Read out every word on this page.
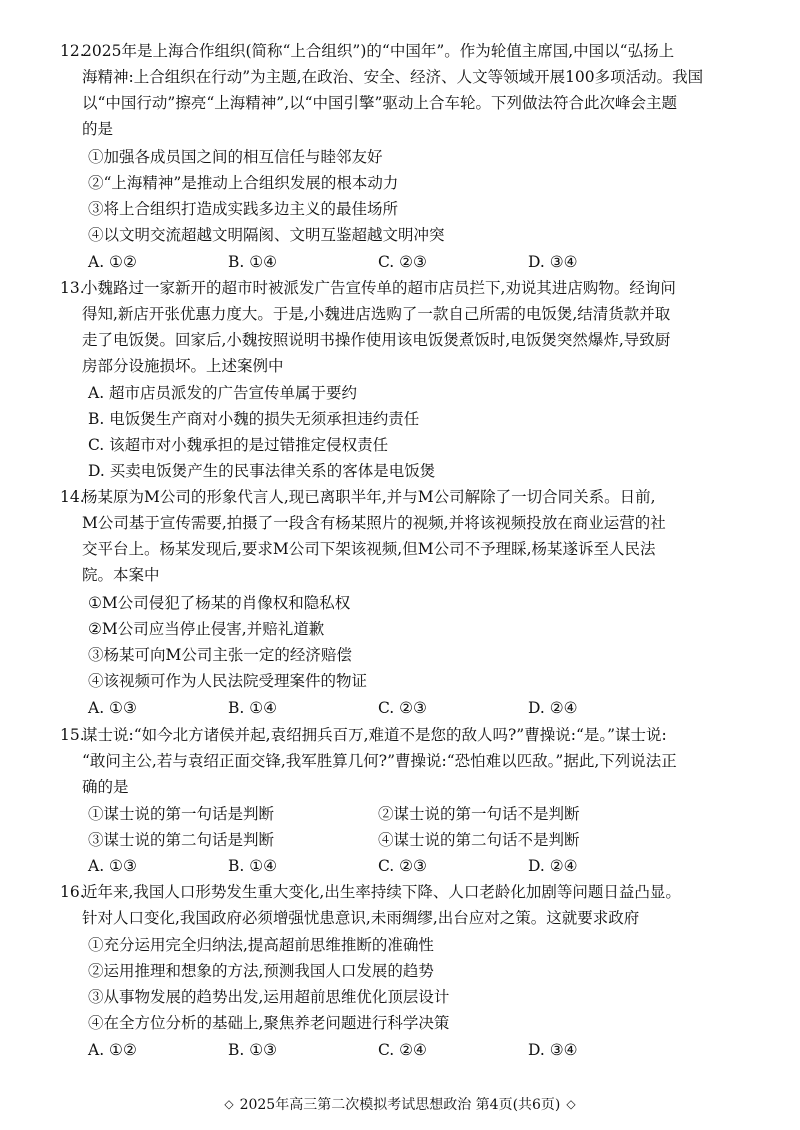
12.
2025年是上海合作组织(简称“上合组织”)的“中国年”。作为轮值主席国,中国以“弘扬上
海精神:上合组织在行动”为主题,在政治、安全、经济、人文等领域开展100多项活动。我国
以“中国行动”擦亮“上海精神”,以“中国引擎”驱动上合车轮。下列做法符合此次峰会主题
的是
①加强各成员国之间的相互信任与睦邻友好
②“上海精神”是推动上合组织发展的根本动力
③将上合组织打造成实践多边主义的最佳场所
④以文明交流超越文明隔阂、文明互鉴超越文明冲突
A. ①②	B. ①④	C. ②③	D. ③④
13.
小魏路过一家新开的超市时被派发广告宣传单的超市店员拦下,劝说其进店购物。经询问
得知,新店开张优惠力度大。于是,小魏进店选购了一款自己所需的电饭煲,结清货款并取
走了电饭煲。回家后,小魏按照说明书操作使用该电饭煲煮饭时,电饭煲突然爆炸,导致厨
房部分设施损坏。上述案例中
A. 超市店员派发的广告宣传单属于要约
B. 电饭煲生产商对小魏的损失无须承担违约责任
C. 该超市对小魏承担的是过错推定侵权责任
D. 买卖电饭煲产生的民事法律关系的客体是电饭煲
14.
杨某原为M公司的形象代言人,现已离职半年,并与M公司解除了一切合同关系。日前,
M公司基于宣传需要,拍摄了一段含有杨某照片的视频,并将该视频投放在商业运营的社
交平台上。杨某发现后,要求M公司下架该视频,但M公司不予理睬,杨某遂诉至人民法
院。本案中
①M公司侵犯了杨某的肖像权和隐私权
②M公司应当停止侵害,并赔礼道歉
③杨某可向M公司主张一定的经济赔偿
④该视频可作为人民法院受理案件的物证
A. ①③	B. ①④	C. ②③	D. ②④
15.
谋士说:“如今北方诸侯并起,袁绍拥兵百万,难道不是您的敌人吗?”曹操说:“是。”谋士说:
“敢问主公,若与袁绍正面交锋,我军胜算几何?”曹操说:“恐怕难以匹敌。”据此,下列说法正
确的是
①谋士说的第一句话是判断	②谋士说的第一句话不是判断
③谋士说的第二句话是判断	④谋士说的第二句话不是判断
A. ①③	B. ①④	C. ②③	D. ②④
16.
近年来,我国人口形势发生重大变化,出生率持续下降、人口老龄化加剧等问题日益凸显。
针对人口变化,我国政府必须增强忧患意识,未雨绸缪,出台应对之策。这就要求政府
①充分运用完全归纳法,提高超前思维推断的准确性
②运用推理和想象的方法,预测我国人口发展的趋势
③从事物发展的趋势出发,运用超前思维优化顶层设计
④在全方位分析的基础上,聚焦养老问题进行科学决策
A. ①②	B. ①③	C. ②④	D. ③④
◇ 2025年高三第二次模拟考试思想政治 第4页(共6页) ◇
